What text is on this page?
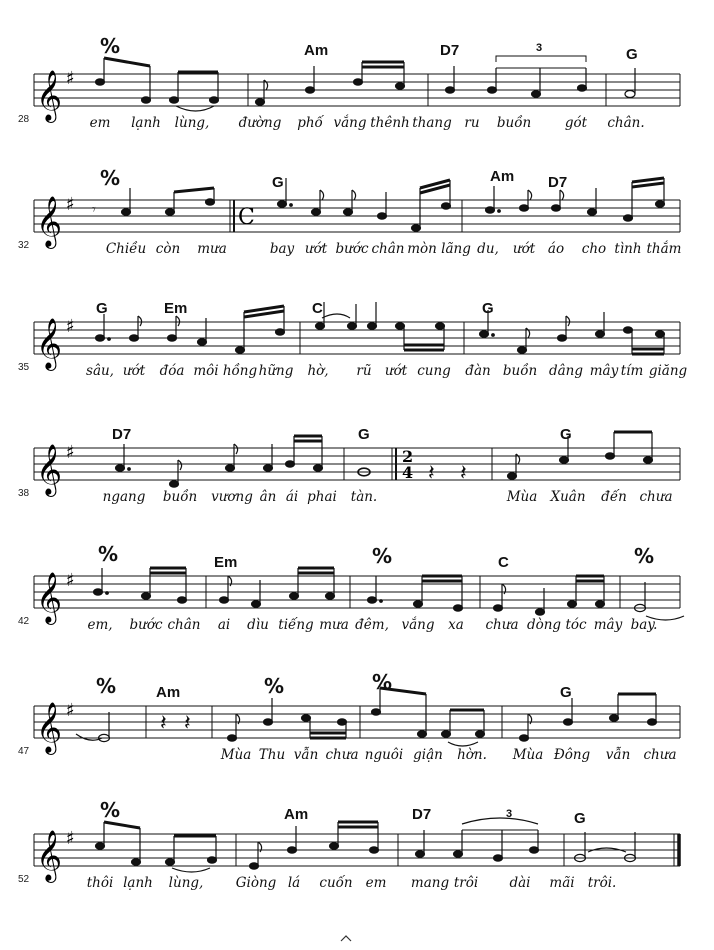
𝄞 ♯
28
%	Am	D7	G
3
em lạnh lùng, đường phố vắng thênh thang ru buồn	gót chân.
𝄞 ♯
C
𝄾
32
%	G	Am D7
Chiều còn mưa	bay ướt bước chân mòn lãng du, ướt áo cho tình thắm
𝄞 ♯
35
G	Em	C	G
sâu, ướt đóa môi hồng hững hờ, rũ ướt cung đàn buồn dâng mây tím giăng
𝄞 ♯
𝄽 𝄽
2
4
38
D7	G	G
ngang buồn vương ân ái phai tàn.	Mùa Xuân đến chưa
𝄞 ♯
42
%	%	%
Em	C
em, bước chân ai dìu tiếng mưa đêm, vắng xa chưa dòng tóc mây bay.
𝄞 ♯
𝄽 𝄽
47
%	%	%
Am	G
Mùa Thu vẫn chưa nguôi giận hờn. Mùa Đông vẫn chưa
𝄞 ♯
52
%	Am	D7	G
3
thôi lạnh lùng, Giòng lá cuốn em mang trôi dài mãi trôi.
